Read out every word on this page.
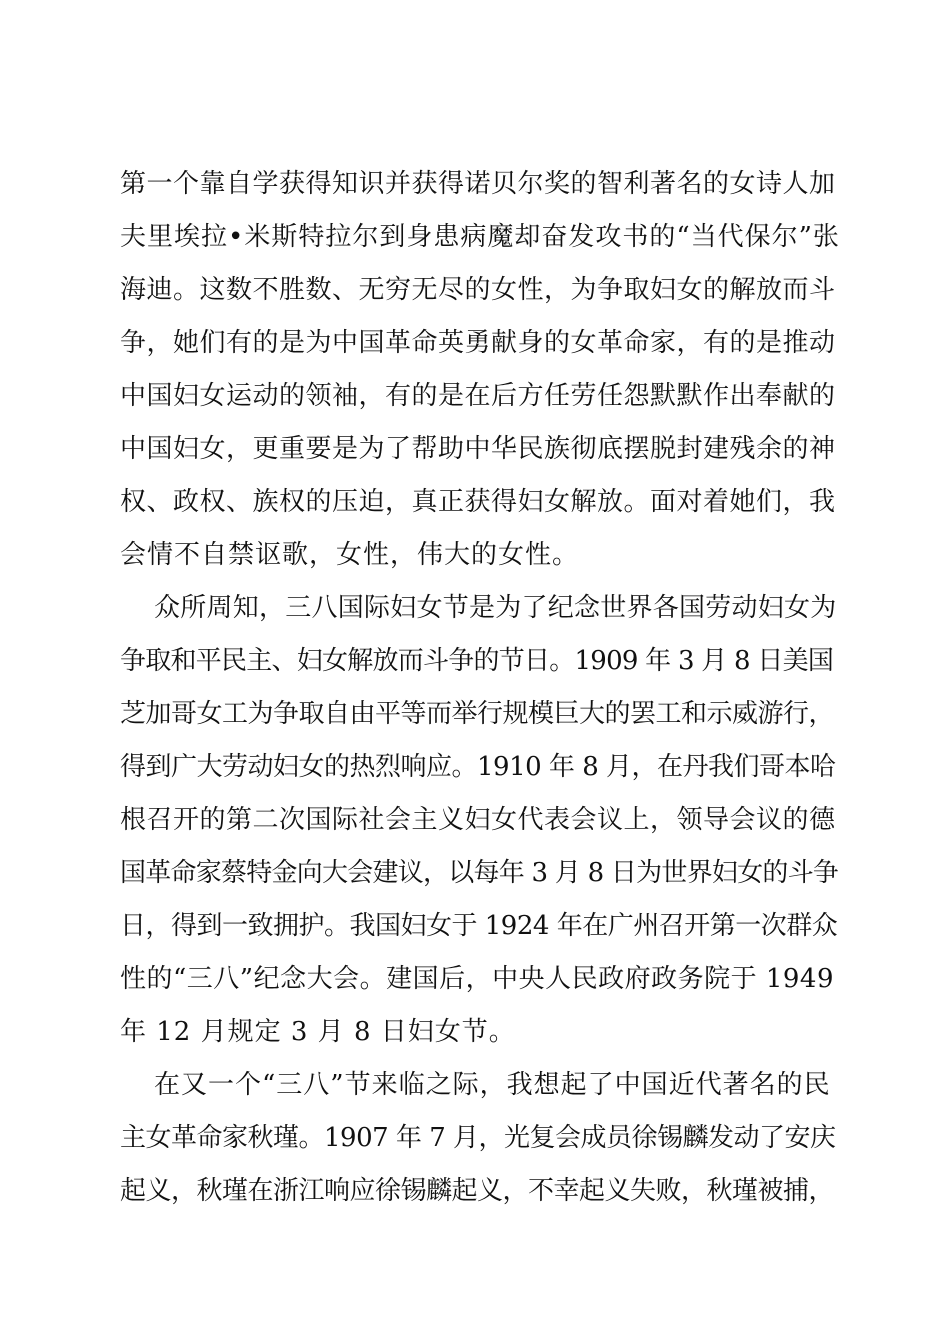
第一个靠自学获得知识并获得诺贝尔奖的智利著名的女诗人加
夫里埃拉•米斯特拉尔到身患病魔却奋发攻书的“当代保尔”张
海迪。这数不胜数、无穷无尽的女性，为争取妇女的解放而斗
争，她们有的是为中国革命英勇献身的女革命家，有的是推动
中国妇女运动的领袖，有的是在后方任劳任怨默默作出奉献的
中国妇女，更重要是为了帮助中华民族彻底摆脱封建残余的神
权、政权、族权的压迫，真正获得妇女解放。面对着她们，我
会情不自禁讴歌，女性，伟大的女性。
众所周知，三八国际妇女节是为了纪念世界各国劳动妇女为
争取和平民主、妇女解放而斗争的节日。1909 年 3 月 8 日美国
芝加哥女工为争取自由平等而举行规模巨大的罢工和示威游行，
得到广大劳动妇女的热烈响应。1910 年 8 月，在丹我们哥本哈
根召开的第二次国际社会主义妇女代表会议上，领导会议的德
国革命家蔡特金向大会建议，以每年 3 月 8 日为世界妇女的斗争
日，得到一致拥护。我国妇女于 1924 年在广州召开第一次群众
性的“三八”纪念大会。建国后，中央人民政府政务院于 1949
年 12 月规定 3 月 8 日妇女节。
在又一个“三八”节来临之际，我想起了中国近代著名的民
主女革命家秋瑾。1907 年 7 月，光复会成员徐锡麟发动了安庆
起义，秋瑾在浙江响应徐锡麟起义，不幸起义失败，秋瑾被捕，
